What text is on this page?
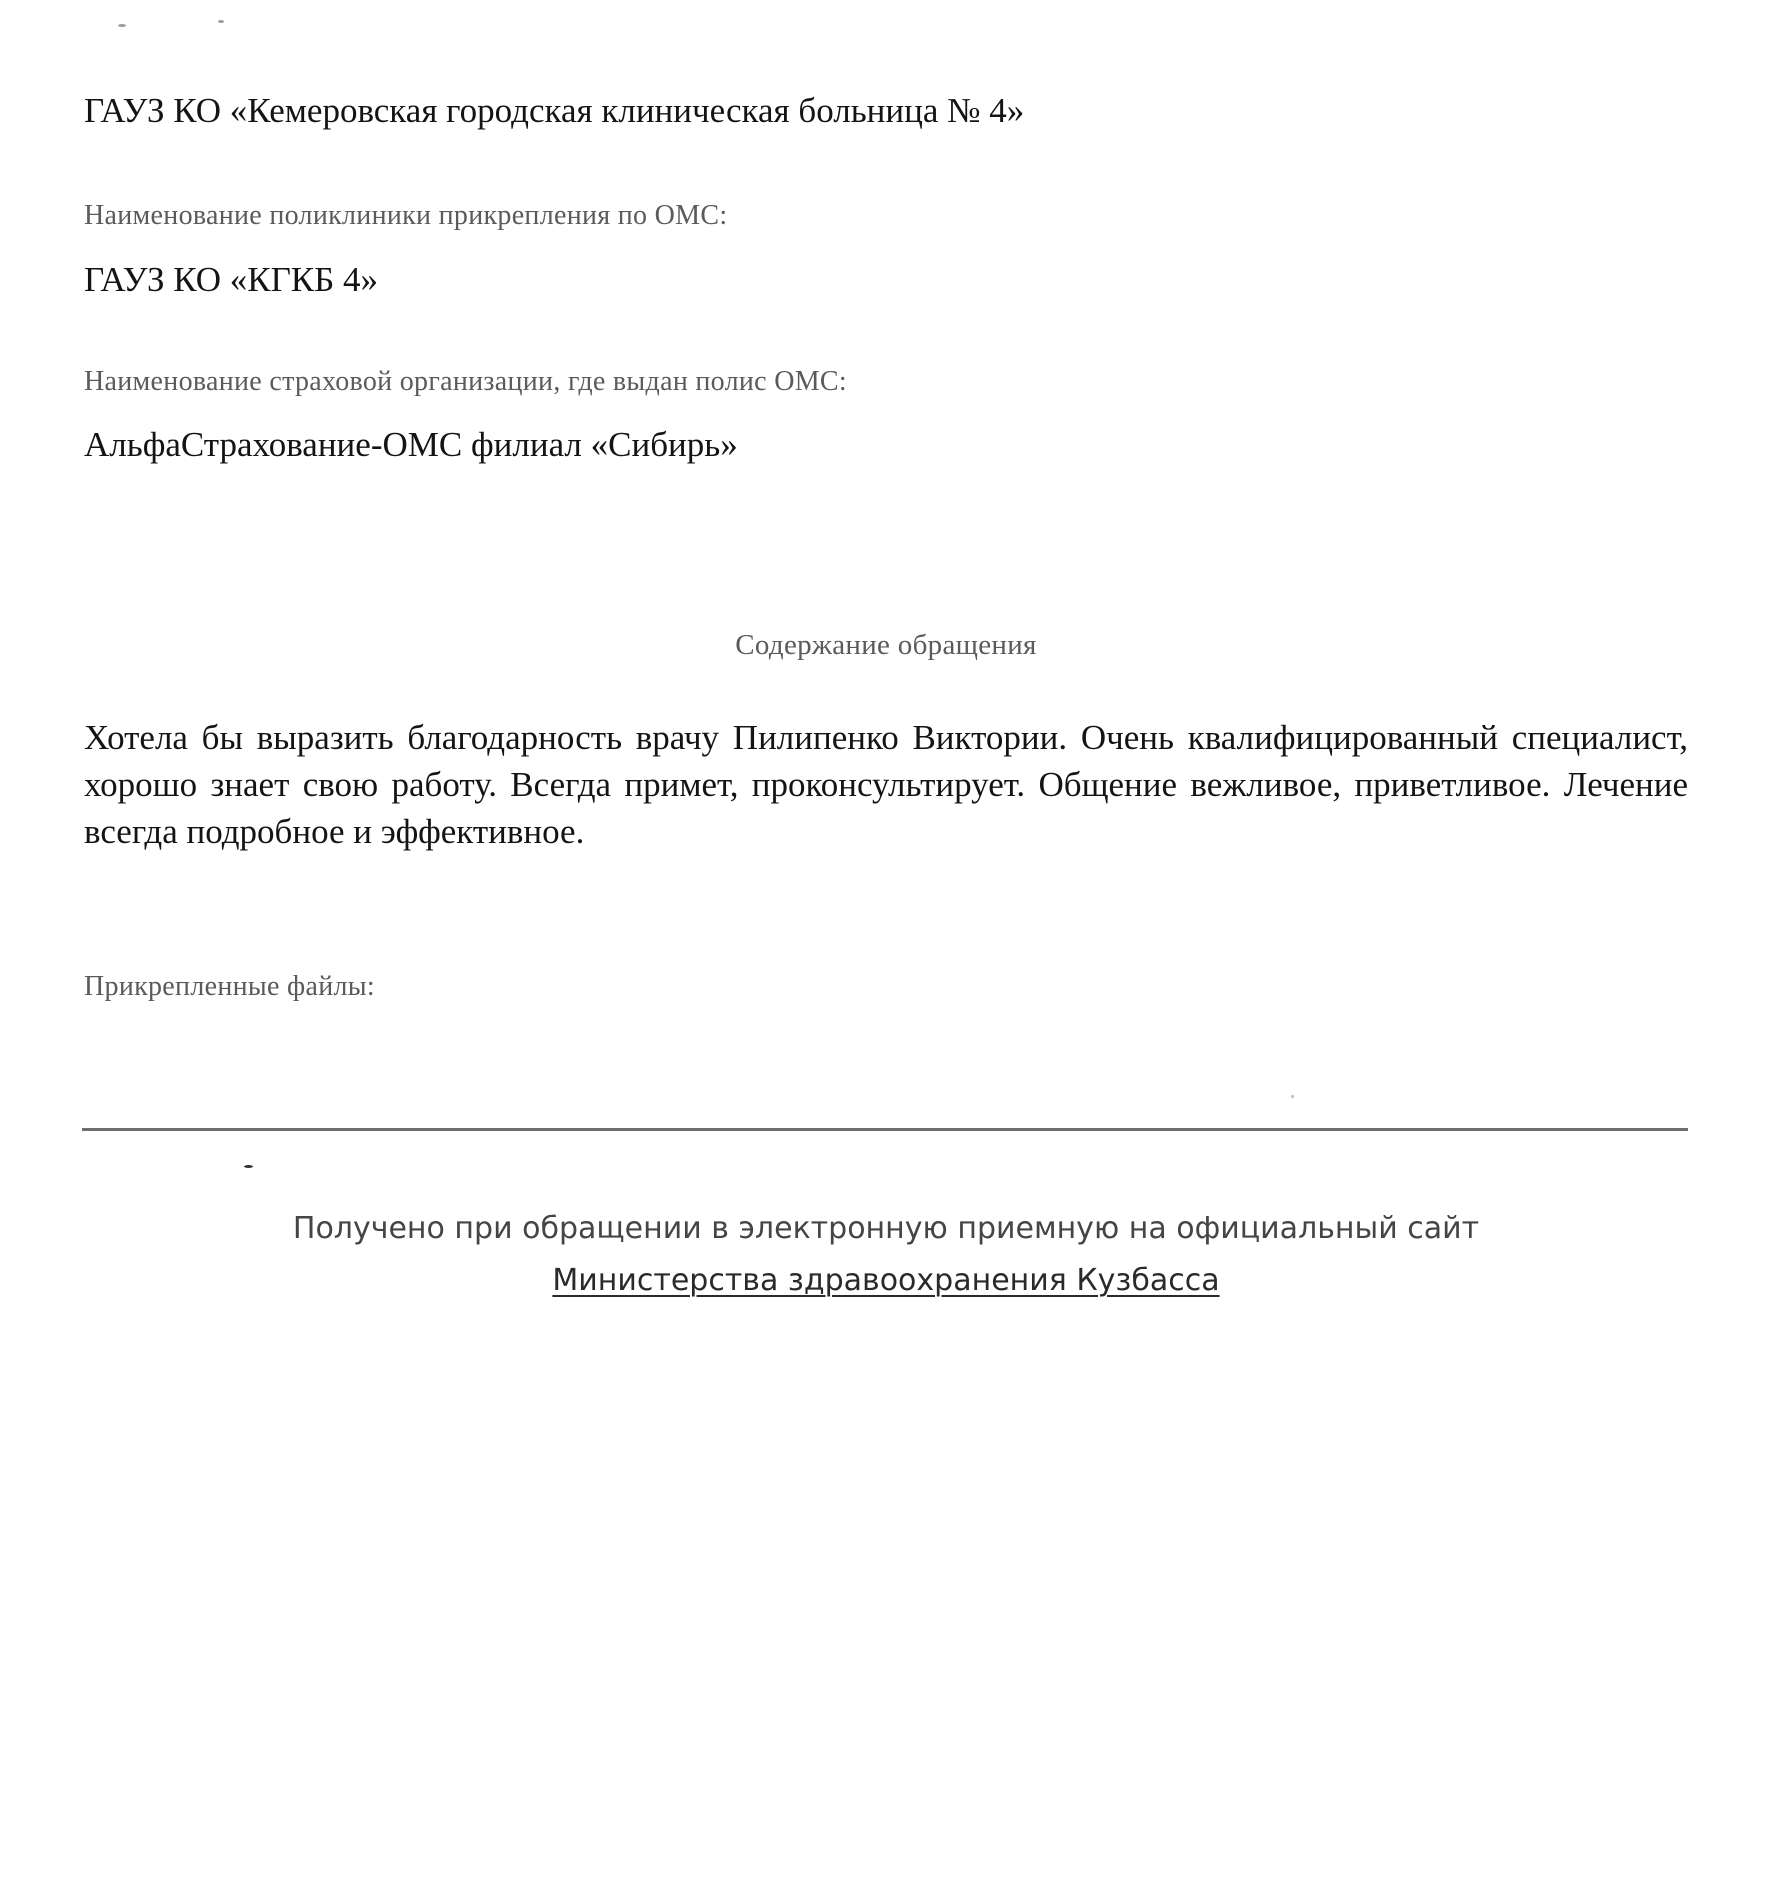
ГАУЗ КО «Кемеровская городская клиническая больница № 4»
Наименование поликлиники прикрепления по ОМС:
ГАУЗ КО «КГКБ 4»
Наименование страховой организации, где выдан полис ОМС:
АльфаСтрахование-ОМС филиал «Сибирь»
Содержание обращения
Хотела бы выразить благодарность врачу Пилипенко Виктории. Очень квалифицированный специалист, хорошо знает свою работу. Всегда примет, проконсультирует. Общение вежливое, приветливое. Лечение всегда подробное и эффективное.
Прикрепленные файлы:
Получено при обращении в электронную приемную на официальный сайт
Министерства здравоохранения Кузбасса
